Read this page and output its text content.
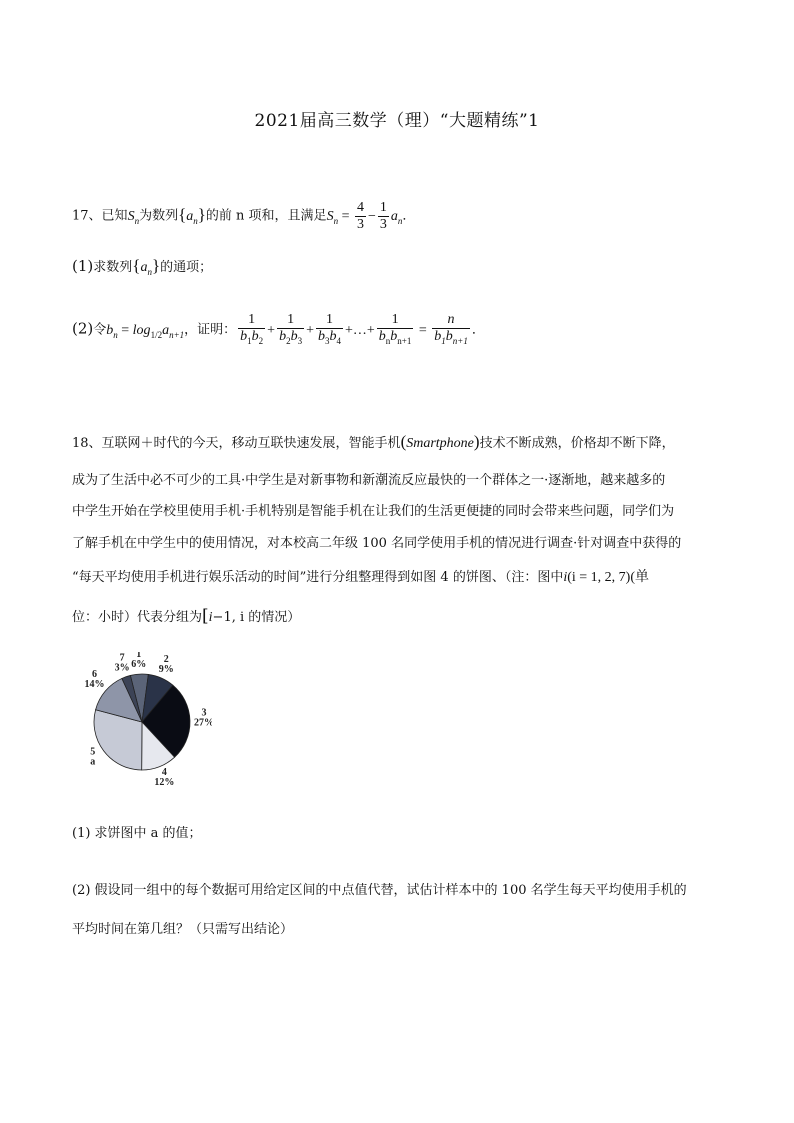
2021届高三数学（理）“大题精练”1
17、已知$S_n$为数列$\{a_n\}$的前 n 项和，且满足$S_n = \frac{4}{3} - \frac{1}{3} a_n$．
(1)求数列$\{a_n\}$的通项；
(2)令$b_n = \log_{1/2}a_{n+1}$，证明： $\frac{1}{b_1b_2} + \frac{1}{b_2b_3} + \frac{1}{b_3b_4}$ +…+ $\frac{1}{b_nb_{n+1}} = \frac{n}{b_1b_{n+1}}$ ．
18、互联网＋时代的今天，移动互联快速发展，智能手机(Smartphone)技术不断成熟，价格却不断下降，
成为了生活中必不可少的工具·中学生是对新事物和新潮流反应最快的一个群体之一·逐渐地，越来越多的
中学生开始在学校里使用手机·手机特别是智能手机在让我们的生活更便捷的同时会带来些问题，同学们为
了解手机在中学生中的使用情况，对本校高二年级 100 名同学使用手机的情况进行调查·针对调查中获得的
“每天平均使用手机进行娱乐活动的时间”进行分组整理得到如图 4 的饼图、（注：图中i(i = 1, 2, 7)(单
位：小时）代表分组为[i−1, i 的情况）
1
6% 2
9%
3
27%
4
12%
5
a
6
14%
7
3%
(1) 求饼图中 a 的值；
(2) 假设同一组中的每个数据可用给定区间的中点值代替，试估计样本中的 100 名学生每天平均使用手机的
平均时间在第几组？（只需写出结论）
